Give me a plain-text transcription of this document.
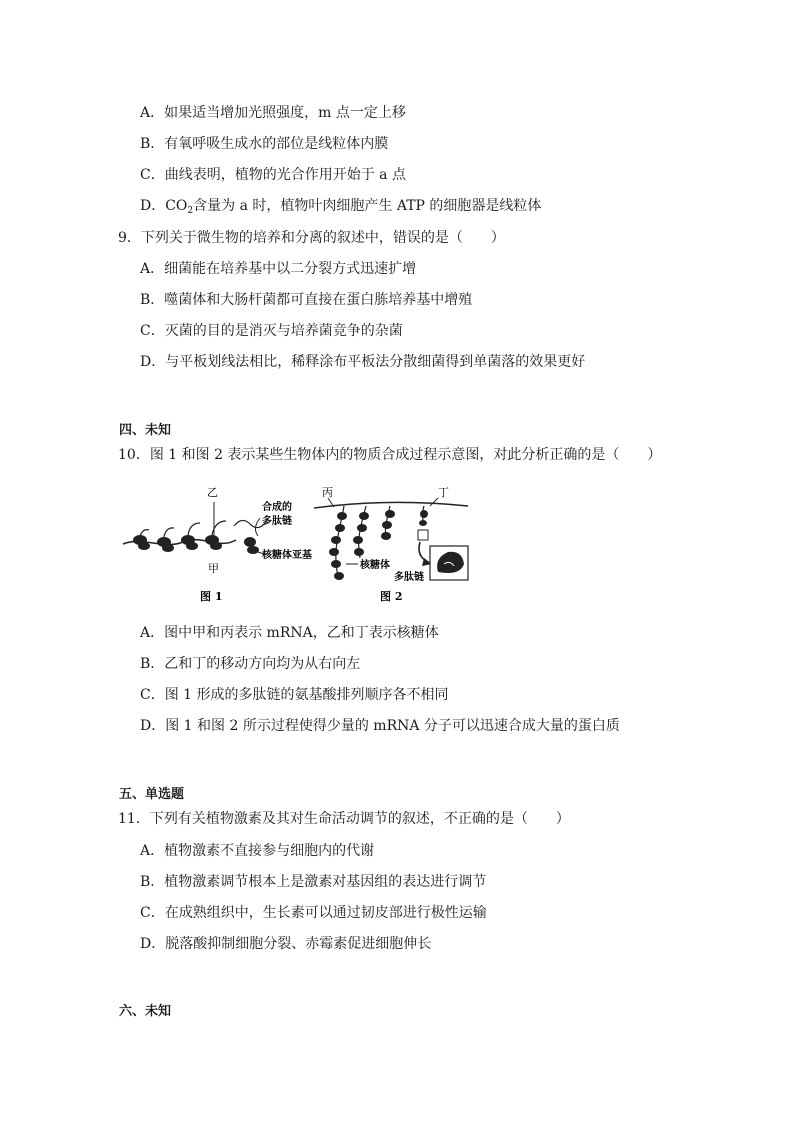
A．如果适当增加光照强度，m 点一定上移
B．有氧呼吸生成水的部位是线粒体内膜
C．曲线表明，植物的光合作用开始于 a 点
D．$CO_2$含量为 a 时，植物叶肉细胞产生 ATP 的细胞器是线粒体
9．下列关于微生物的培养和分离的叙述中，错误的是（　　）
A．细菌能在培养基中以二分裂方式迅速扩增
B．噬菌体和大肠杆菌都可直接在蛋白胨培养基中增殖
C．灭菌的目的是消灭与培养菌竞争的杂菌
D．与平板划线法相比，稀释涂布平板法分散细菌得到单菌落的效果更好
四、未知
10．图 1 和图 2 表示某些生物体内的物质合成过程示意图，对此分析正确的是（　　）
乙
甲
合成的
多肽链
核糖体亚基
图 1
丙	丁
核糖体
多肽链
图 2
A．图中甲和丙表示 mRNA，乙和丁表示核糖体
B．乙和丁的移动方向均为从右向左
C．图 1 形成的多肽链的氨基酸排列顺序各不相同
D．图 1 和图 2 所示过程使得少量的 mRNA 分子可以迅速合成大量的蛋白质
五、单选题
11．下列有关植物激素及其对生命活动调节的叙述，不正确的是（　　）
A．植物激素不直接参与细胞内的代谢
B．植物激素调节根本上是激素对基因组的表达进行调节
C．在成熟组织中，生长素可以通过韧皮部进行极性运输
D．脱落酸抑制细胞分裂、赤霉素促进细胞伸长
六、未知
